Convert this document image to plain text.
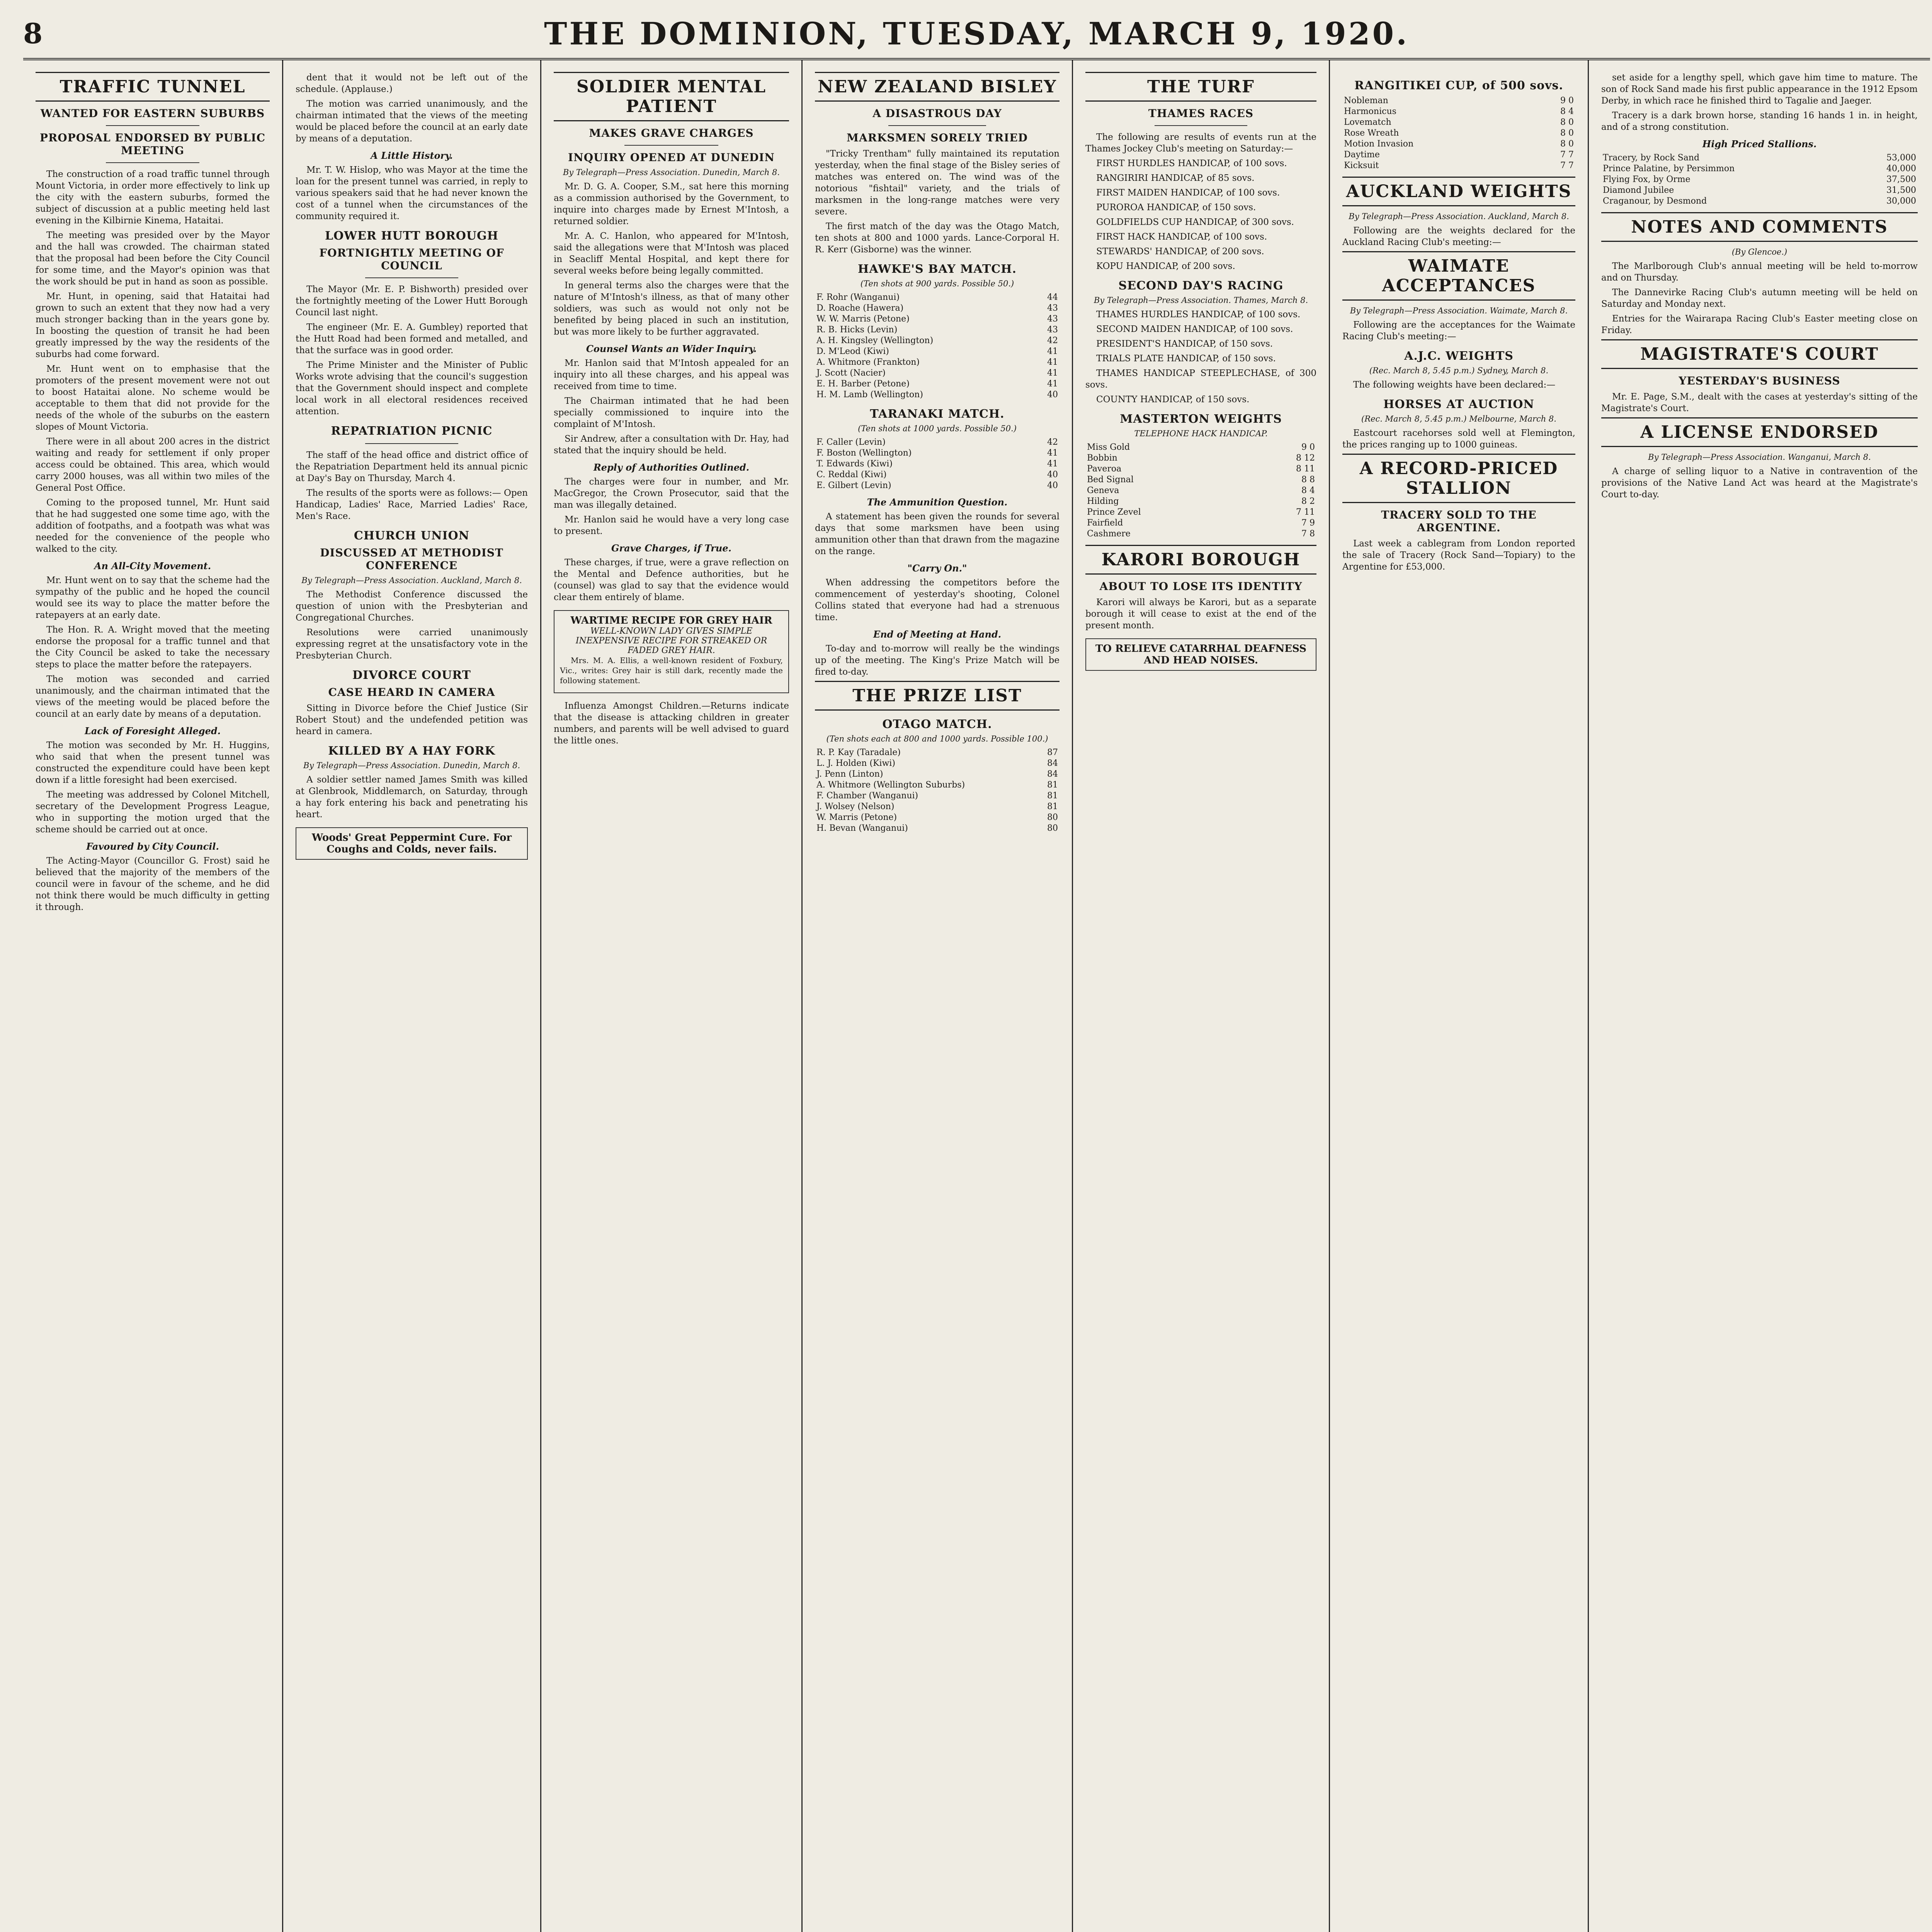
8	THE DOMINION, TUESDAY, MARCH 9, 1920.
TRAFFIC TUNNEL
WANTED FOR EASTERN SUBURBS
PROPOSAL ENDORSED BY PUBLIC MEETING

The construction of a road traffic tunnel through Mount Victoria, in order more effectively to link up the city with the eastern suburbs, formed the subject of discussion at a public meeting held last evening in the Kilbirnie Kinema, Hataitai.

The meeting was presided over by the Mayor and the hall was crowded. The chairman stated that the proposal had been before the City Council for some time, and the Mayor's opinion was that the work should be put in hand as soon as possible.

Mr. Hunt, in opening, said that Hataitai had grown to such an extent that they now had a very much stronger backing than in the years gone by. In boosting the question of transit he had been greatly impressed by the way the residents of the suburbs had come forward.

Mr. Hunt went on to emphasise that the promoters of the present movement were not out to boost Hataitai alone. No scheme would be acceptable to them that did not provide for the needs of the whole of the suburbs on the eastern slopes of Mount Victoria.

There were in all about 200 acres in the district waiting and ready for settlement if only proper access could be obtained. This area, which would carry 2000 houses, was all within two miles of the General Post Office.

Coming to the proposed tunnel, Mr. Hunt said that he had suggested one some time ago, with the addition of footpaths, and a footpath was what was needed for the convenience of the people who walked to the city.

An All-City Movement.

Mr. Hunt went on to say that the scheme had the sympathy of the public and he hoped the council would see its way to place the matter before the ratepayers at an early date.

The Hon. R. A. Wright moved that the meeting endorse the proposal for a traffic tunnel and that the City Council be asked to take the necessary steps to place the matter before the ratepayers.

The motion was seconded and carried unanimously, and the chairman intimated that the views of the meeting would be placed before the council at an early date by means of a deputation.

Lack of Foresight Alleged.

The motion was seconded by Mr. H. Huggins, who said that when the present tunnel was constructed the expenditure could have been kept down if a little foresight had been exercised.

The meeting was addressed by Colonel Mitchell, secretary of the Development Progress League, who in supporting the motion urged that the scheme should be carried out at once.

Favoured by City Council.

The Acting-Mayor (Councillor G. Frost) said he believed that the majority of the members of the council were in favour of the scheme, and he did not think there would be much difficulty in getting it through.

dent that it would not be left out of the schedule. (Applause.)

The motion was carried unanimously, and the chairman intimated that the views of the meeting would be placed before the council at an early date by means of a deputation.

A Little History.

Mr. T. W. Hislop, who was Mayor at the time the loan for the present tunnel was carried, in reply to various speakers said that he had never known the cost of a tunnel when the circumstances of the community required it.

LOWER HUTT BOROUGH
FORTNIGHTLY MEETING OF COUNCIL

The Mayor (Mr. E. P. Bishworth) presided over the fortnightly meeting of the Lower Hutt Borough Council last night.

The engineer (Mr. E. A. Gumbley) reported that the Hutt Road had been formed and metalled, and that the surface was in good order.

The Prime Minister and the Minister of Public Works wrote advising that the council's suggestion that the Government should inspect and complete local work in all electoral residences received attention.

REPATRIATION PICNIC

The staff of the head office and district office of the Repatriation Department held its annual picnic at Day's Bay on Thursday, March 4.

The results of the sports were as follows:— Open Handicap, Ladies' Race, Married Ladies' Race, Men's Race.

CHURCH UNION
DISCUSSED AT METHODIST CONFERENCE
By Telegraph—Press Association. Auckland, March 8.

The Methodist Conference discussed the question of union with the Presbyterian and Congregational Churches.

Resolutions were carried unanimously expressing regret at the unsatisfactory vote in the Presbyterian Church.

DIVORCE COURT
CASE HEARD IN CAMERA

Sitting in Divorce before the Chief Justice (Sir Robert Stout) and the undefended petition was heard in camera.

KILLED BY A HAY FORK
By Telegraph—Press Association. Dunedin, March 8.

A soldier settler named James Smith was killed at Glenbrook, Middlemarch, on Saturday, through a hay fork entering his back and penetrating his heart.

Woods' Great Peppermint Cure. For Coughs and Colds, never fails.
SOLDIER MENTAL PATIENT
MAKES GRAVE CHARGES
INQUIRY OPENED AT DUNEDIN
By Telegraph—Press Association. Dunedin, March 8.

Mr. D. G. A. Cooper, S.M., sat here this morning as a commission authorised by the Government, to inquire into charges made by Ernest M'Intosh, a returned soldier.

Mr. A. C. Hanlon, who appeared for M'Intosh, said the allegations were that M'Intosh was placed in Seacliff Mental Hospital, and kept there for several weeks before being legally committed.

In general terms also the charges were that the nature of M'Intosh's illness, as that of many other soldiers, was such as would not only not be benefited by being placed in such an institution, but was more likely to be further aggravated.

Counsel Wants an Wider Inquiry.

Mr. Hanlon said that M'Intosh appealed for an inquiry into all these charges, and his appeal was received from time to time.

The Chairman intimated that he had been specially commissioned to inquire into the complaint of M'Intosh.

Sir Andrew, after a consultation with Dr. Hay, had stated that the inquiry should be held.

Reply of Authorities Outlined.

The charges were four in number, and Mr. MacGregor, the Crown Prosecutor, said that the man was illegally detained.

Mr. Hanlon said he would have a very long case to present.

Grave Charges, if True.

These charges, if true, were a grave reflection on the Mental and Defence authorities, but he (counsel) was glad to say that the evidence would clear them entirely of blame.

WARTIME RECIPE FOR GREY HAIR
WELL-KNOWN LADY GIVES SIMPLE INEXPENSIVE RECIPE FOR STREAKED OR FADED GREY HAIR.

Mrs. M. A. Ellis, a well-known resident of Foxbury, Vic., writes: Grey hair is still dark, recently made the following statement.

Influenza Amongst Children.—Returns indicate that the disease is attacking children in greater numbers, and parents will be well advised to guard the little ones.

NEW ZEALAND BISLEY
A DISASTROUS DAY
MARKSMEN SORELY TRIED

"Tricky Trentham" fully maintained its reputation yesterday, when the final stage of the Bisley series of matches was entered on. The wind was of the notorious "fishtail" variety, and the trials of marksmen in the long-range matches were very severe.

The first match of the day was the Otago Match, ten shots at 800 and 1000 yards. Lance-Corporal H. R. Kerr (Gisborne) was the winner.

HAWKE'S BAY MATCH.
(Ten shots at 900 yards. Possible 50.)
F. Rohr (Wanganui)	44
D. Roache (Hawera)	43
W. W. Marris (Petone)	43
R. B. Hicks (Levin)	43
A. H. Kingsley (Wellington)	42
D. M'Leod (Kiwi)	41
A. Whitmore (Frankton)	41
J. Scott (Nacier)	41
E. H. Barber (Petone)	41
H. M. Lamb (Wellington)	40
TARANAKI MATCH.
(Ten shots at 1000 yards. Possible 50.)
F. Caller (Levin)	42
F. Boston (Wellington)	41
T. Edwards (Kiwi)	41
C. Reddal (Kiwi)	40
E. Gilbert (Levin)	40
The Ammunition Question.

A statement has been given the rounds for several days that some marksmen have been using ammunition other than that drawn from the magazine on the range.

"Carry On."

When addressing the competitors before the commencement of yesterday's shooting, Colonel Collins stated that everyone had had a strenuous time.

End of Meeting at Hand.

To-day and to-morrow will really be the windings up of the meeting. The King's Prize Match will be fired to-day.

THE PRIZE LIST
OTAGO MATCH.
(Ten shots each at 800 and 1000 yards. Possible 100.)
R. P. Kay (Taradale)	87
L. J. Holden (Kiwi)	84
J. Penn (Linton)	84
A. Whitmore (Wellington Suburbs)	81
F. Chamber (Wanganui)	81
J. Wolsey (Nelson)	81
W. Marris (Petone)	80
H. Bevan (Wanganui)	80
THE TURF
THAMES RACES

The following are results of events run at the Thames Jockey Club's meeting on Saturday:—

FIRST HURDLES HANDICAP, of 100 sovs.

RANGIRIRI HANDICAP, of 85 sovs.

FIRST MAIDEN HANDICAP, of 100 sovs.

PUROROA HANDICAP, of 150 sovs.

GOLDFIELDS CUP HANDICAP, of 300 sovs.

FIRST HACK HANDICAP, of 100 sovs.

STEWARDS' HANDICAP, of 200 sovs.

KOPU HANDICAP, of 200 sovs.

SECOND DAY'S RACING
By Telegraph—Press Association. Thames, March 8.

THAMES HURDLES HANDICAP, of 100 sovs.

SECOND MAIDEN HANDICAP, of 100 sovs.

PRESIDENT'S HANDICAP, of 150 sovs.

TRIALS PLATE HANDICAP, of 150 sovs.

THAMES HANDICAP STEEPLECHASE, of 300 sovs.

COUNTY HANDICAP, of 150 sovs.

MASTERTON WEIGHTS
TELEPHONE HACK HANDICAP.
Miss Gold	9 0
Bobbin	8 12
Paveroa	8 11
Bed Signal	8 8
Geneva	8 4
Hilding	8 2
Prince Zevel	7 11
Fairfield	7 9
Cashmere	7 8
KARORI BOROUGH
ABOUT TO LOSE ITS IDENTITY

Karori will always be Karori, but as a separate borough it will cease to exist at the end of the present month.

TO RELIEVE CATARRHAL DEAFNESS AND HEAD NOISES.
RANGITIKEI CUP, of 500 sovs.
Nobleman	9 0
Harmonicus	8 4
Lovematch	8 0
Rose Wreath	8 0
Motion Invasion	8 0
Daytime	7 7
Kicksuit	7 7
AUCKLAND WEIGHTS
By Telegraph—Press Association. Auckland, March 8.

Following are the weights declared for the Auckland Racing Club's meeting:—

WAIMATE ACCEPTANCES
By Telegraph—Press Association. Waimate, March 8.

Following are the acceptances for the Waimate Racing Club's meeting:—

A.J.C. WEIGHTS
(Rec. March 8, 5.45 p.m.) Sydney, March 8.

The following weights have been declared:—

HORSES AT AUCTION
(Rec. March 8, 5.45 p.m.) Melbourne, March 8.

Eastcourt racehorses sold well at Flemington, the prices ranging up to 1000 guineas.

A RECORD-PRICED STALLION
TRACERY SOLD TO THE ARGENTINE.

Last week a cablegram from London reported the sale of Tracery (Rock Sand—Topiary) to the Argentine for £53,000.

set aside for a lengthy spell, which gave him time to mature. The son of Rock Sand made his first public appearance in the 1912 Epsom Derby, in which race he finished third to Tagalie and Jaeger.

Tracery is a dark brown horse, standing 16 hands 1 in. in height, and of a strong constitution.

High Priced Stallions.
Tracery, by Rock Sand	53,000
Prince Palatine, by Persimmon	40,000
Flying Fox, by Orme	37,500
Diamond Jubilee	31,500
Craganour, by Desmond	30,000
NOTES AND COMMENTS
(By Glencoe.)

The Marlborough Club's annual meeting will be held to-morrow and on Thursday.

The Dannevirke Racing Club's autumn meeting will be held on Saturday and Monday next.

Entries for the Wairarapa Racing Club's Easter meeting close on Friday.

MAGISTRATE'S COURT
YESTERDAY'S BUSINESS

Mr. E. Page, S.M., dealt with the cases at yesterday's sitting of the Magistrate's Court.

A LICENSE ENDORSED
By Telegraph—Press Association. Wanganui, March 8.

A charge of selling liquor to a Native in contravention of the provisions of the Native Land Act was heard at the Magistrate's Court to-day.
